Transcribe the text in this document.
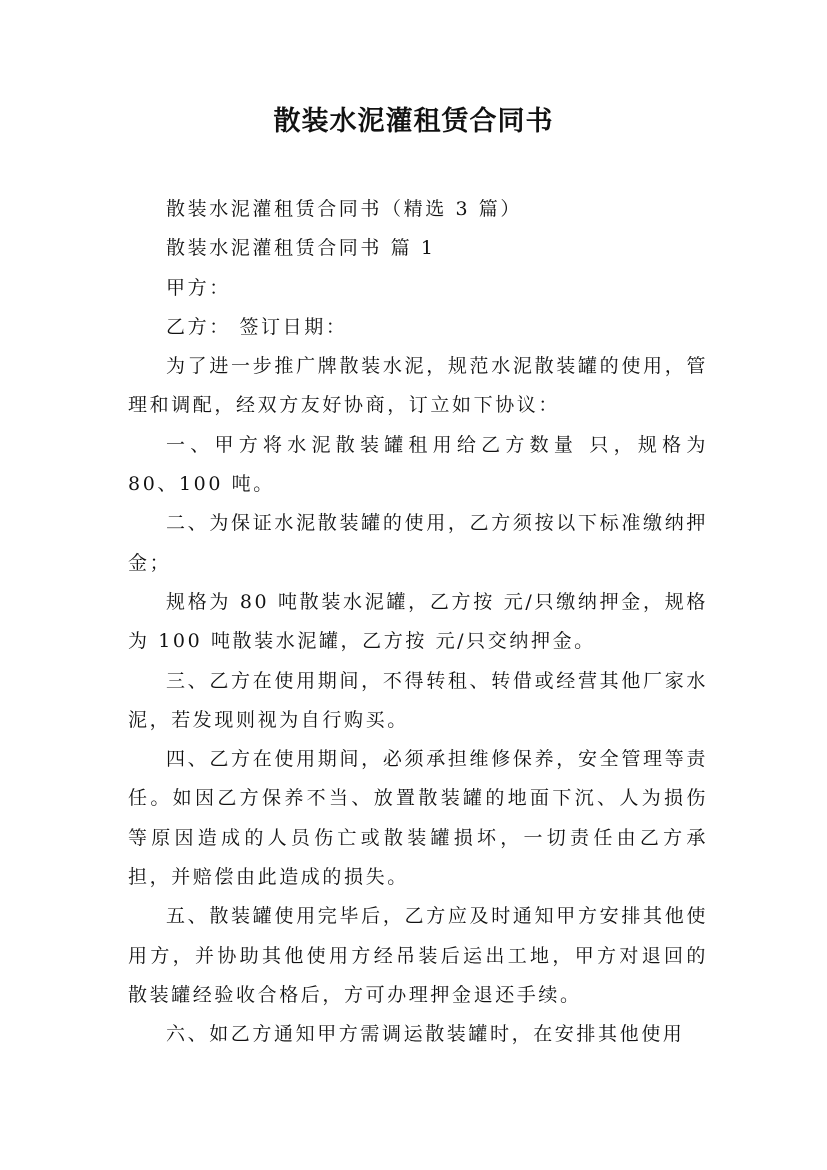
散装水泥灌租赁合同书

散装水泥灌租赁合同书（精选 3 篇）

散装水泥灌租赁合同书 篇 1

甲方：

乙方： 签订日期：

为了进一步推广牌散装水泥，规范水泥散装罐的使用，管理和调配，经双方友好协商，订立如下协议：

一、甲方将水泥散装罐租用给乙方数量 只，规格为 80、100 吨。

二、为保证水泥散装罐的使用，乙方须按以下标准缴纳押金；

规格为 80 吨散装水泥罐，乙方按 元/只缴纳押金，规格为 100 吨散装水泥罐，乙方按 元/只交纳押金。

三、乙方在使用期间，不得转租、转借或经营其他厂家水泥，若发现则视为自行购买。

四、乙方在使用期间，必须承担维修保养，安全管理等责任。如因乙方保养不当、放置散装罐的地面下沉、人为损伤等原因造成的人员伤亡或散装罐损坏，一切责任由乙方承担，并赔偿由此造成的损失。

五、散装罐使用完毕后，乙方应及时通知甲方安排其他使用方，并协助其他使用方经吊装后运出工地，甲方对退回的散装罐经验收合格后，方可办理押金退还手续。

六、如乙方通知甲方需调运散装罐时，在安排其他使用
